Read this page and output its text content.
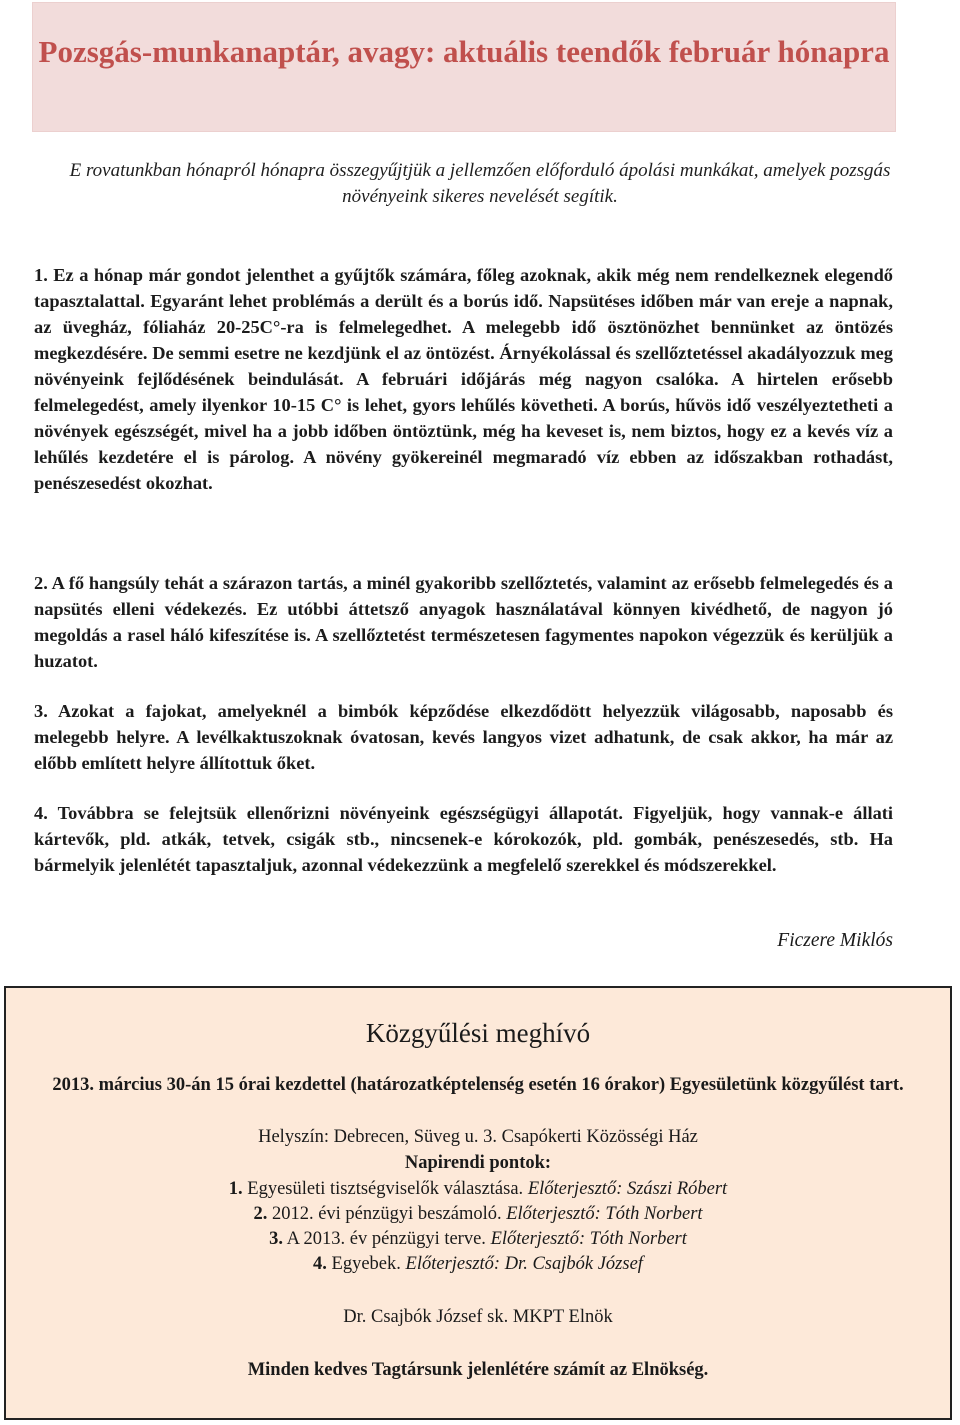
Pozsgás-munkanaptár, avagy: aktuális teendők február hónapra
E rovatunkban hónapról hónapra összegyűjtjük a jellemzően előforduló ápolási munkákat, amelyek pozsgás növényeink sikeres nevelését segítik.
1. Ez a hónap már gondot jelenthet a gyűjtők számára, főleg azoknak, akik még nem rendelkeznek elegendő tapasztalattal. Egyaránt lehet problémás a derült és a borús idő. Napsütéses időben már van ereje a napnak, az üvegház, fóliaház 20-25C°-ra is felmelegedhet. A melegebb idő ösztönözhet bennünket az öntözés megkezdésére. De semmi esetre ne kezdjünk el az öntözést. Árnyékolással és szellőztetéssel akadályozzuk meg növényeink fejlődésének beindulását. A februári időjárás még nagyon csalóka. A hirtelen erősebb felmelegedést, amely ilyenkor 10-15 C° is lehet, gyors lehűlés követheti. A borús, hűvös idő veszélyeztetheti a növények egészségét, mivel ha a jobb időben öntöztünk, még ha keveset is, nem biztos, hogy ez a kevés víz a lehűlés kezdetére el is párolog. A növény gyökereinél megmaradó víz ebben az időszakban rothadást, penészesedést okozhat.
2. A fő hangsúly tehát a szárazon tartás, a minél gyakoribb szellőztetés, valamint az erősebb felmelegedés és a napsütés elleni védekezés. Ez utóbbi áttetsző anyagok használatával könnyen kivédhető, de nagyon jó megoldás a rasel háló kifeszítése is. A szellőztetést természetesen fagymentes napokon végezzük és kerüljük a huzatot.
3. Azokat a fajokat, amelyeknél a bimbók képződése elkezdődött helyezzük világosabb, naposabb és melegebb helyre. A levélkaktuszoknak óvatosan, kevés langyos vizet adhatunk, de csak akkor, ha már az előbb említett helyre állítottuk őket.
4. Továbbra se felejtsük ellenőrizni növényeink egészségügyi állapotát. Figyeljük, hogy vannak-e állati kártevők, pld. atkák, tetvek, csigák stb., nincsenek-e kórokozók, pld. gombák, penészesedés, stb. Ha bármelyik jelenlétét tapasztaljuk, azonnal védekezzünk a megfelelő szerekkel és módszerekkel.
Ficzere Miklós
Közgyűlési meghívó
2013. március 30-án 15 órai kezdettel (határozatképtelenség esetén 16 órakor) Egyesületünk közgyűlést tart.
Helyszín: Debrecen, Süveg u. 3. Csapókerti Közösségi Ház
Napirendi pontok:
1. Egyesületi tisztségviselők választása. Előterjesztő: Szászi Róbert
2. 2012. évi pénzügyi beszámoló. Előterjesztő: Tóth Norbert
3. A 2013. év pénzügyi terve. Előterjesztő: Tóth Norbert
4. Egyebek. Előterjesztő: Dr. Csajbók József
Dr. Csajbók József sk. MKPT Elnök
Minden kedves Tagtársunk jelenlétére számít az Elnökség.
